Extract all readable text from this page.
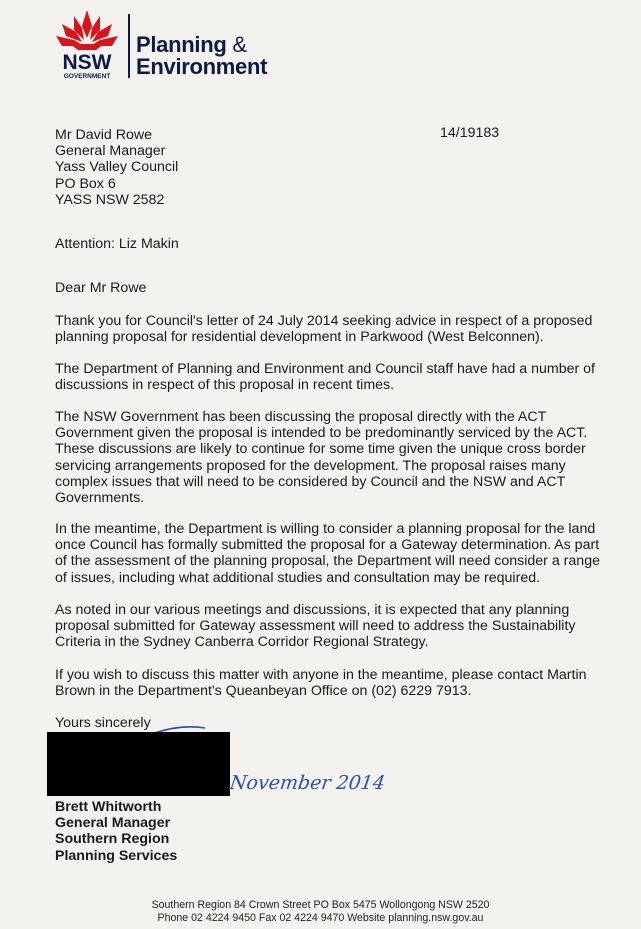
NSW
GOVERNMENT
Planning &
Environment
14/19183
Mr David Rowe
General Manager
Yass Valley Council
PO Box 6
YASS NSW 2582
Attention: Liz Makin
Dear Mr Rowe
Thank you for Council's letter of 24 July 2014 seeking advice in respect of a proposed
planning proposal for residential development in Parkwood (West Belconnen).
The Department of Planning and Environment and Council staff have had a number of
discussions in respect of this proposal in recent times.
The NSW Government has been discussing the proposal directly with the ACT
Government given the proposal is intended to be predominantly serviced by the ACT.
These discussions are likely to continue for some time given the unique cross border
servicing arrangements proposed for the development. The proposal raises many
complex issues that will need to be considered by Council and the NSW and ACT
Governments.
In the meantime, the Department is willing to consider a planning proposal for the land
once Council has formally submitted the proposal for a Gateway determination. As part
of the assessment of the planning proposal, the Department will need consider a range
of issues, including what additional studies and consultation may be required.
As noted in our various meetings and discussions, it is expected that any planning
proposal submitted for Gateway assessment will need to address the Sustainability
Criteria in the Sydney Canberra Corridor Regional Strategy.
If you wish to discuss this matter with anyone in the meantime, please contact Martin
Brown in the Department's Queanbeyan Office on (02) 6229 7913.
Yours sincerely
Brett Whitworth
General Manager
Southern Region
Planning Services
November 2014
Southern Region 84 Crown Street PO Box 5475 Wollongong NSW 2520
Phone 02 4224 9450 Fax 02 4224 9470 Website planning.nsw.gov.au
